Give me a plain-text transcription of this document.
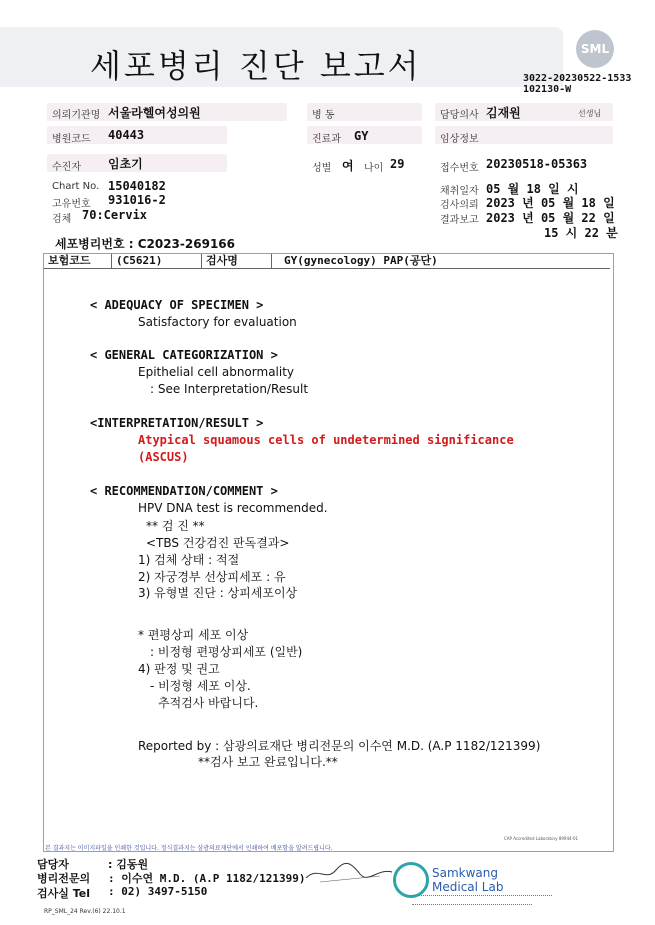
세포병리 진단 보고서	SML
3022-20230522-1533
102130-W
의뢰기관명 서울라헬여성의원	병 동	담당의사 김재원	선생님
병원코드 40443	진료과 GY	임상정보
수진자 임초기	성별 여 나이 29	접수번호 20230518-05363
Chart No. 15040182
고유번호 931016-2
검체 70:Cervix
채취일자 05 월 18 일 시
검사의뢰 2023 년 05 월 18 일
결과보고 2023 년 05 월 22 일
15 시 22 분
세포병리번호 : C2023-269166
보험코드	(C5621)	검사명	GY(gynecology) PAP(공단)
< ADEQUACY OF SPECIMEN >
Satisfactory for evaluation
< GENERAL CATEGORIZATION >
Epithelial cell abnormality
: See Interpretation/Result
<INTERPRETATION/RESULT >
Atypical squamous cells of undetermined significance
(ASCUS)
< RECOMMENDATION/COMMENT >
HPV DNA test is recommended.
** 검 진 **
<TBS 건강검진 판독결과>
1) 검체 상태 : 적절
2) 자궁경부 선상피세포 : 유
3) 유형별 진단 : 상피세포이상
* 편평상피 세포 이상
: 비정형 편평상피세포 (일반)
4) 판정 및 권고
- 비정형 세포 이상.
추적검사 바랍니다.
Reported by : 삼광의료재단 병리전문의 이수연 M.D. (A.P 1182/121399)
**검사 보고 완료입니다.**
본 결과지는 이미지파일을 인쇄한 것입니다. 정식결과지는 삼광의료재단에서 인쇄하여 배포함을 알려드립니다.
CAP Accredited Laboratory 89944-01
담당자	: 김동원
병리전문의 : 이수연 M.D. (A.P 1182/121399)
검사실 Tel : 02) 3497-5150
Samkwang
Medical Lab
RP_SML_24 Rev.(6) 22.10.1
